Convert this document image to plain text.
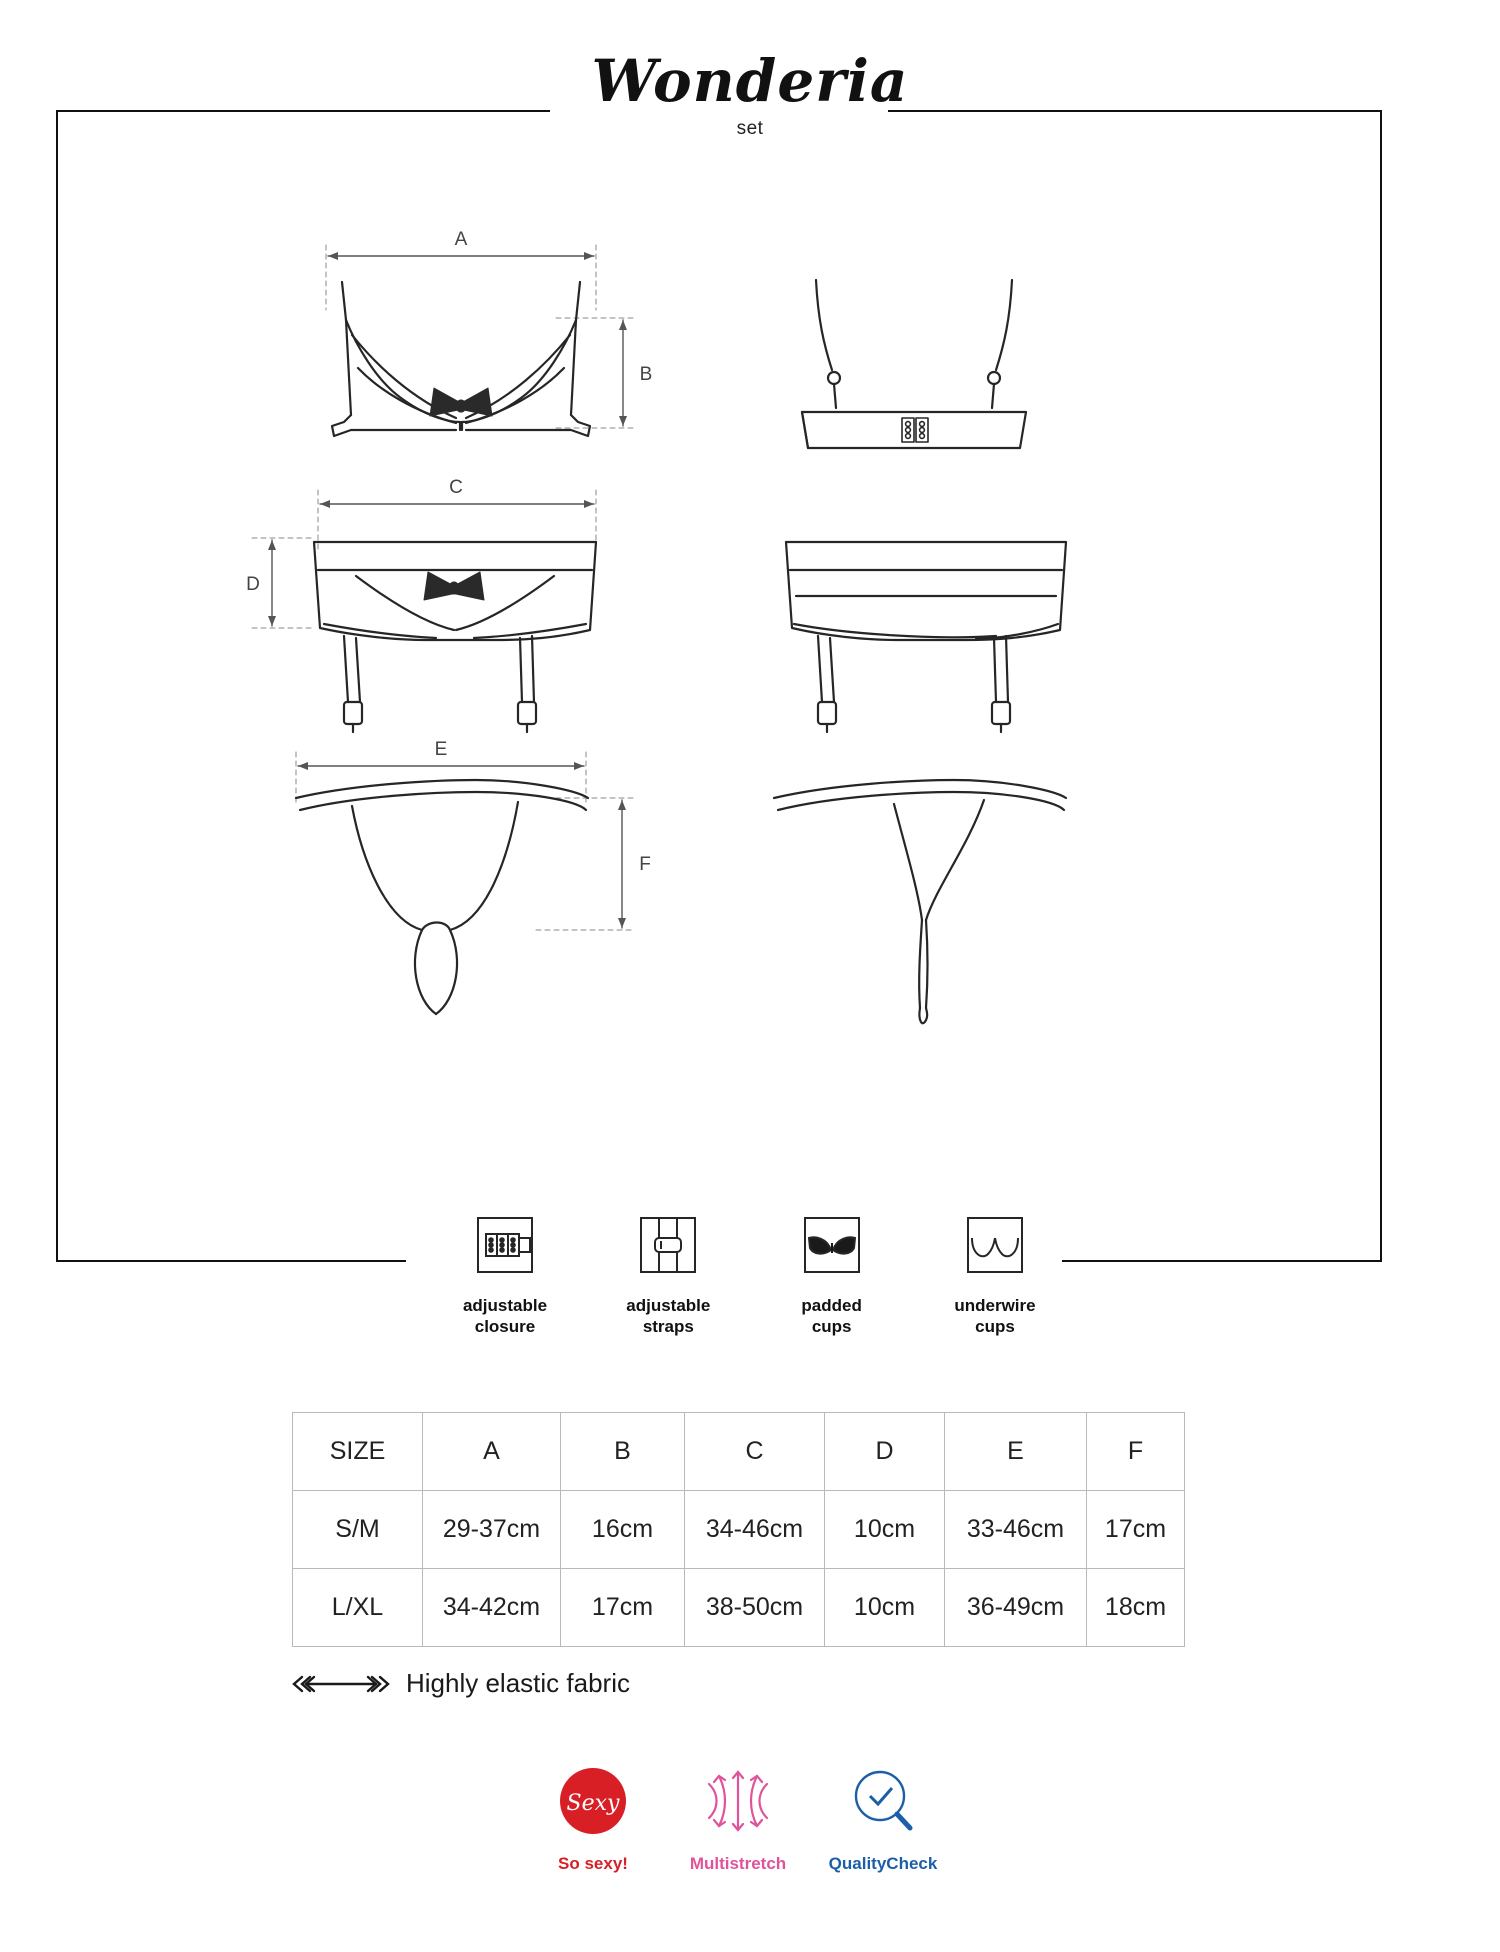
Wonderia
set
A
B
C
D
E
F
adjustable
closure
adjustable
straps
padded
cups
underwire
cups
SIZE	A	B	C	D	E	F
S/M	29-37cm	16cm	34-46cm	10cm	33-46cm	17cm
L/XL	34-42cm	17cm	38-50cm	10cm	36-49cm	18cm
Highly elastic fabric
Sexy
So sexy!	Multistretch	QualityCheck
